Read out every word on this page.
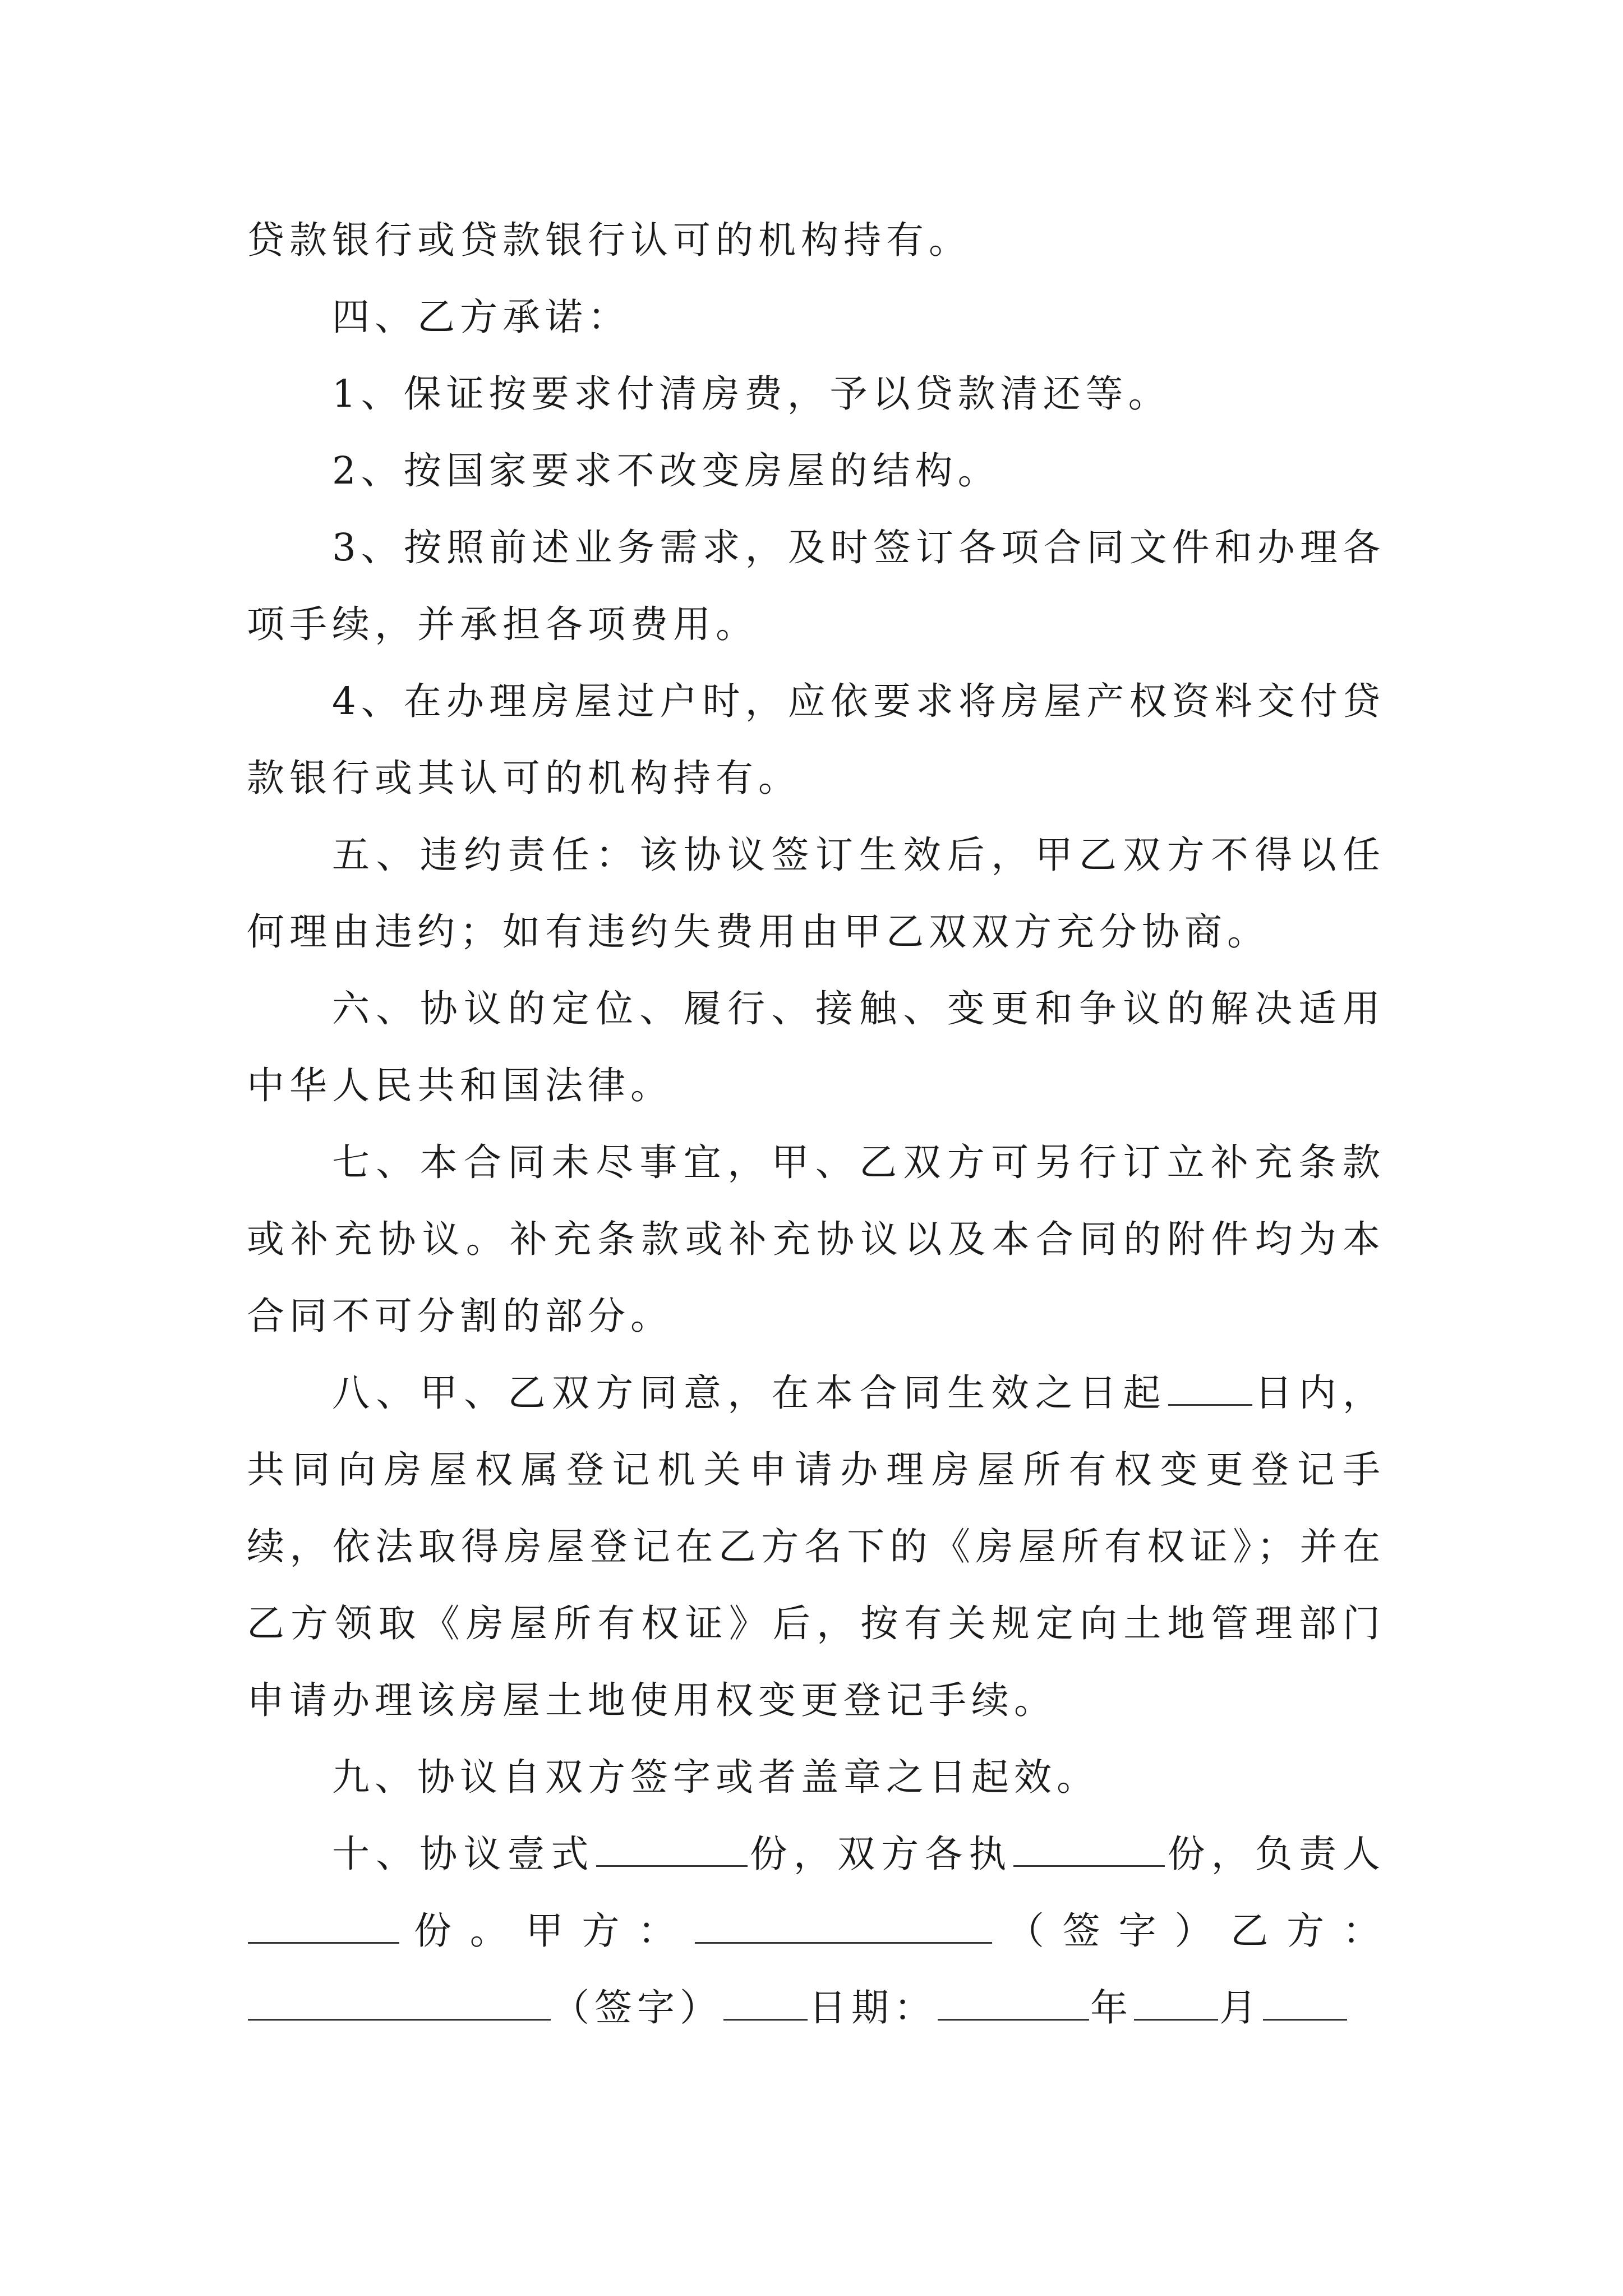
贷款银行或贷款银行认可的机构持有。

四、乙方承诺：

1、保证按要求付清房费，予以贷款清还等。

2、按国家要求不改变房屋的结构。

3、按照前述业务需求，及时签订各项合同文件和办理各项手续，并承担各项费用。

4、在办理房屋过户时，应依要求将房屋产权资料交付贷款银行或其认可的机构持有。

五、违约责任：该协议签订生效后，甲乙双方不得以任何理由违约；如有违约失费用由甲乙双双方充分协商。

六、协议的定位、履行、接触、变更和争议的解决适用中华人民共和国法律。

七、本合同未尽事宜，甲、乙双方可另行订立补充条款或补充协议。补充条款或补充协议以及本合同的附件均为本合同不可分割的部分。

八、甲、乙双方同意，在本合同生效之日起 日内，共同向房屋权属登记机关申请办理房屋所有权变更登记手续，依法取得房屋登记在乙方名下的《房屋所有权证》；并在乙方领取《房屋所有权证》后，按有关规定向土地管理部门申请办理该房屋土地使用权变更登记手续。

九、协议自双方签字或者盖章之日起效。

十、协议壹式	份，双方各执	份，负责人份。甲方：	（签字）乙方：（签字） 日期：	年 月
